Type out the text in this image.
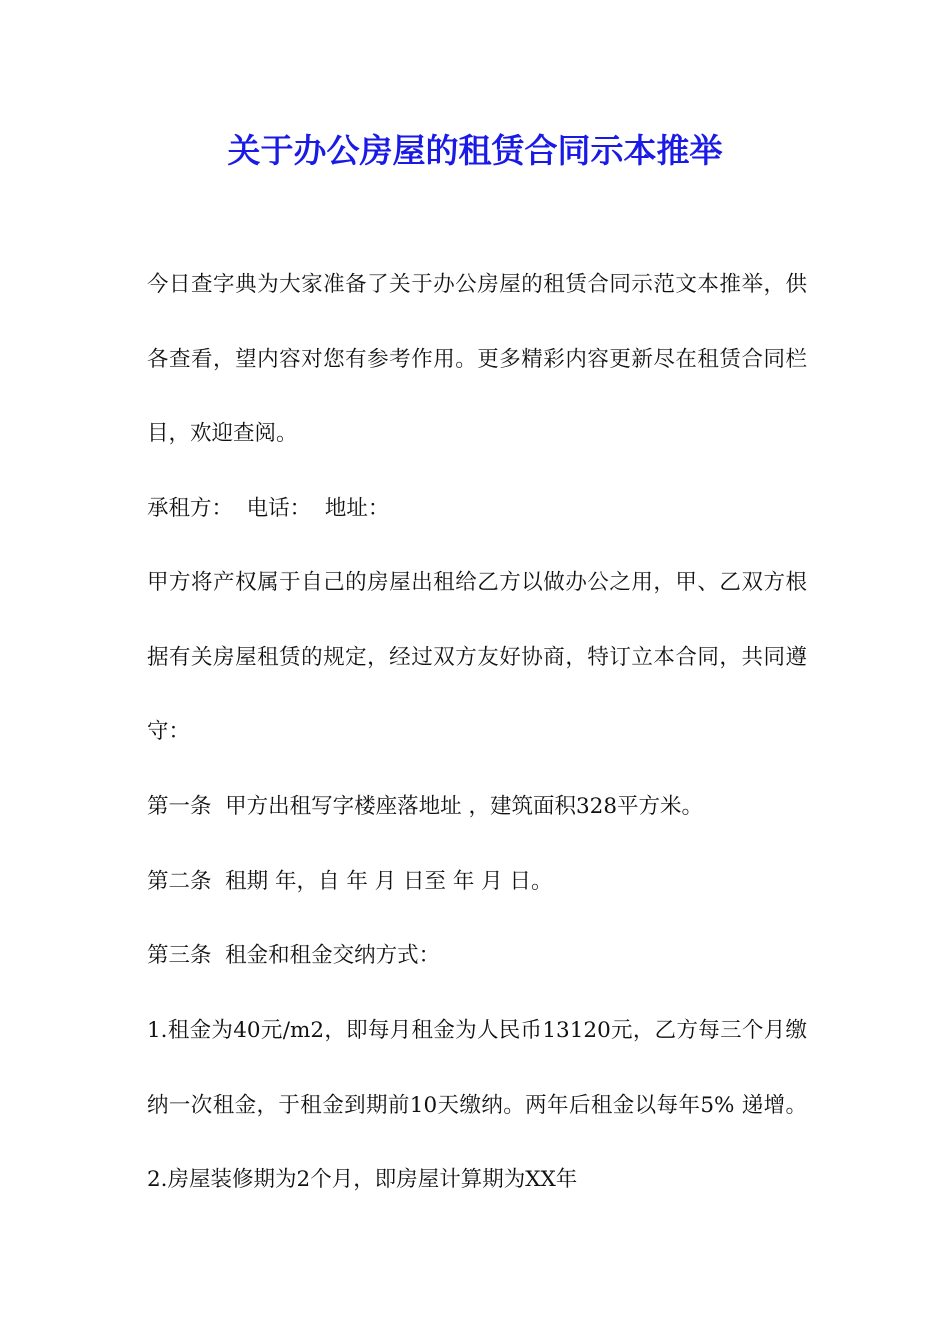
关于办公房屋的租赁合同示本推举

今日查字典为大家准备了关于办公房屋的租赁合同示范文本推举，供各查看，望内容对您有参考作用。更多精彩内容更新尽在租赁合同栏目，欢迎查阅。

承租方：  电话：  地址：

甲方将产权属于自己的房屋出租给乙方以做办公之用，甲、乙双方根据有关房屋租赁的规定，经过双方友好协商，特订立本合同，共同遵守：

第一条  甲方出租写字楼座落地址 ，建筑面积328平方米。

第二条  租期 年，自 年 月 日至 年 月 日。

第三条  租金和租金交纳方式：

1.租金为40元/m2，即每月租金为人民币13120元，乙方每三个月缴纳一次租金，于租金到期前10天缴纳。两年后租金以每年5% 递增。 2.房屋装修期为2个月，即房屋计算期为XX年
